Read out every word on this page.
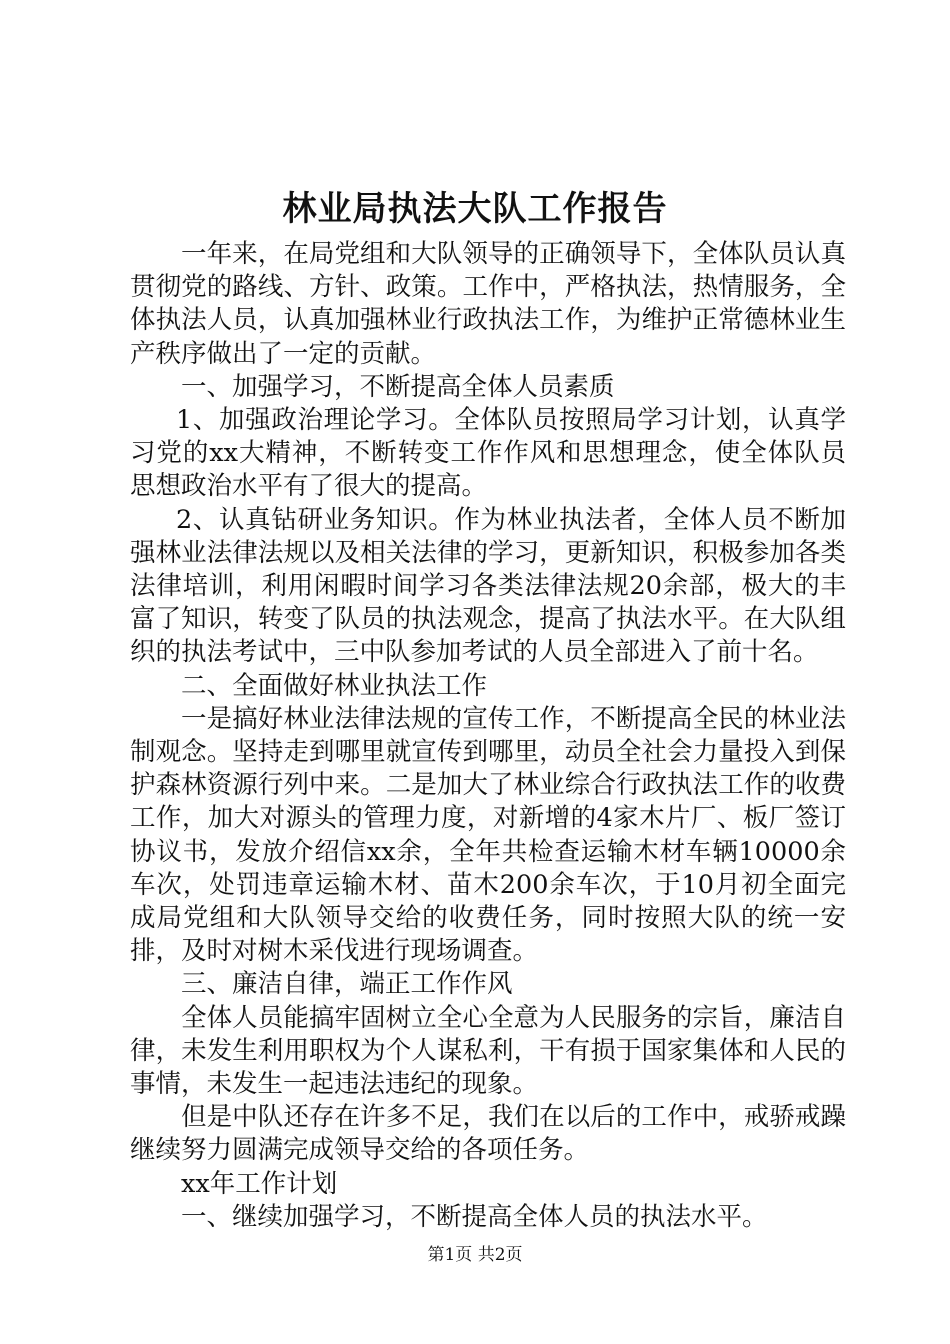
林业局执法大队工作报告

一年来，在局党组和大队领导的正确领导下，全体队员认真贯彻党的路线、方针、政策。工作中，严格执法，热情服务，全体执法人员，认真加强林业行政执法工作，为维护正常德林业生产秩序做出了一定的贡献。

一、加强学习，不断提高全体人员素质

1、加强政治理论学习。全体队员按照局学习计划，认真学习党的xx大精神，不断转变工作作风和思想理念，使全体队员思想政治水平有了很大的提高。

2、认真钻研业务知识。作为林业执法者，全体人员不断加强林业法律法规以及相关法律的学习，更新知识，积极参加各类法律培训，利用闲暇时间学习各类法律法规20余部，极大的丰富了知识，转变了队员的执法观念，提高了执法水平。在大队组织的执法考试中，三中队参加考试的人员全部进入了前十名。

二、全面做好林业执法工作

一是搞好林业法律法规的宣传工作，不断提高全民的林业法制观念。坚持走到哪里就宣传到哪里，动员全社会力量投入到保护森林资源行列中来。二是加大了林业综合行政执法工作的收费工作，加大对源头的管理力度，对新增的4家木片厂、板厂签订协议书，发放介绍信xx余，全年共检查运输木材车辆10000余车次，处罚违章运输木材、苗木200余车次，于10月初全面完成局党组和大队领导交给的收费任务，同时按照大队的统一安排，及时对树木采伐进行现场调查。

三、廉洁自律，端正工作作风

全体人员能搞牢固树立全心全意为人民服务的宗旨，廉洁自律，未发生利用职权为个人谋私利，干有损于国家集体和人民的事情，未发生一起违法违纪的现象。

但是中队还存在许多不足，我们在以后的工作中，戒骄戒躁继续努力圆满完成领导交给的各项任务。

xx年工作计划

一、继续加强学习，不断提高全体人员的执法水平。

第1页 共2页
